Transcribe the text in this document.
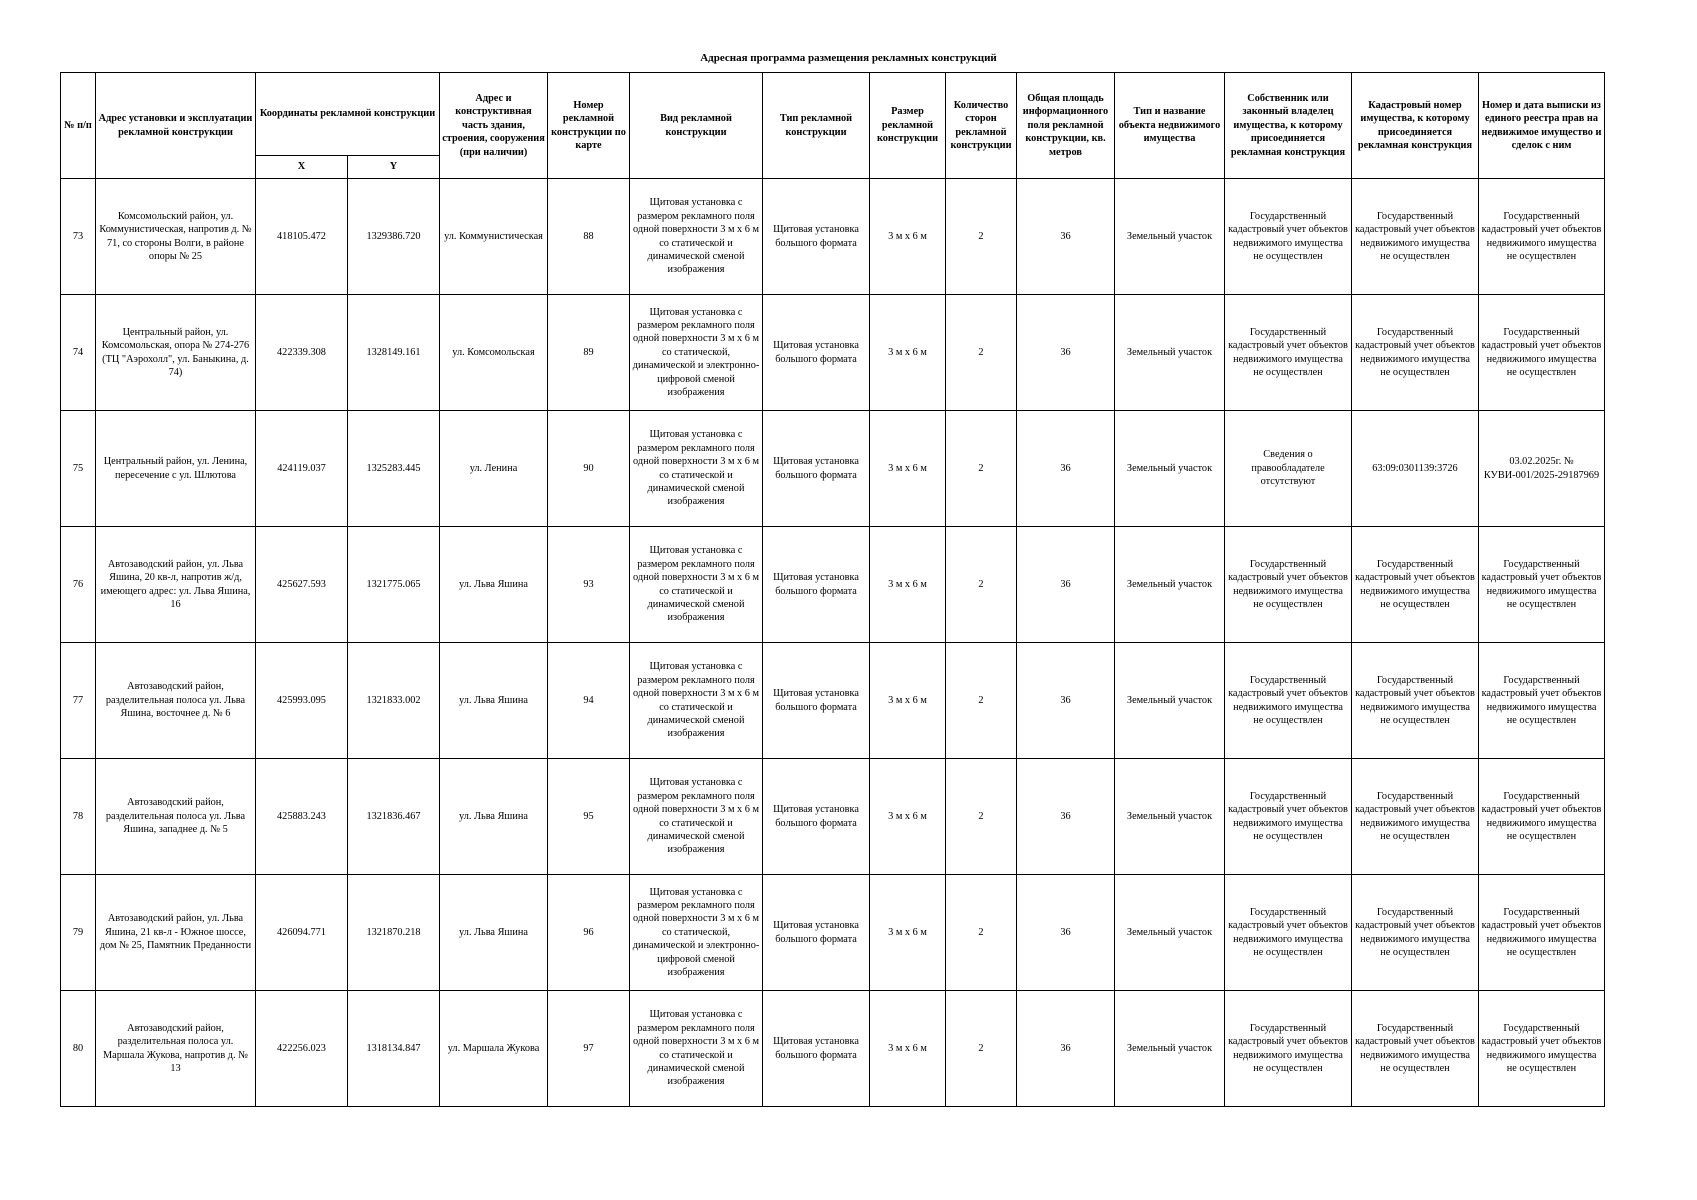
Адресная программа размещения рекламных конструкций
№ п/п	Адрес установки и эксплуатации рекламной конструкции	Координаты рекламной конструкции		Адрес и конструктивная часть здания, строения, сооружения (при наличии)	Номер рекламной конструкции по карте	Вид рекламной конструкции	Тип рекламной конструкции	Размер рекламной конструкции	Количество сторон рекламной конструкции	Общая площадь информационного поля рекламной конструкции, кв. метров	Тип и название объекта недвижимого имущества	Собственник или законный владелец имущества, к которому присоединяется рекламная конструкция	Кадастровый номер имущества, к которому присоединяется рекламная конструкция	Номер и дата выписки из единого реестра прав на недвижимое имущество и сделок с ним
		X	Y											
73	Комсомольский район, ул. Коммунистическая, напротив д. № 71, со стороны Волги, в районе опоры № 25	418105.472	1329386.720	ул. Коммунистическая	88	Щитовая установка с размером рекламного поля одной поверхности 3 м х 6 м со статической и динамической сменой изображения	Щитовая установка большого формата	3 м х 6 м	2	36	Земельный участок	Государственный кадастровый учет объектов недвижимого имущества не осуществлен	Государственный кадастровый учет объектов недвижимого имущества не осуществлен	Государственный кадастровый учет объектов недвижимого имущества не осуществлен
74	Центральный район, ул. Комсомольская, опора № 274-276 (ТЦ "Аэрохолл", ул. Баныкина, д. 74)	422339.308	1328149.161	ул. Комсомольская	89	Щитовая установка с размером рекламного поля одной поверхности 3 м х 6 м со статической, динамической и электронно-цифровой сменой изображения	Щитовая установка большого формата	3 м х 6 м	2	36	Земельный участок	Государственный кадастровый учет объектов недвижимого имущества не осуществлен	Государственный кадастровый учет объектов недвижимого имущества не осуществлен	Государственный кадастровый учет объектов недвижимого имущества не осуществлен
75	Центральный район, ул. Ленина, пересечение с ул. Шлютова	424119.037	1325283.445	ул. Ленина	90	Щитовая установка с размером рекламного поля одной поверхности 3 м х 6 м со статической и динамической сменой изображения	Щитовая установка большого формата	3 м х 6 м	2	36	Земельный участок	Сведения о правообладателе отсутствуют	63:09:0301139:3726	03.02.2025г. № КУВИ-001/2025-29187969
76	Автозаводский район, ул. Льва Яшина, 20 кв-л, напротив ж/д, имеющего адрес: ул. Льва Яшина, 16	425627.593	1321775.065	ул. Льва Яшина	93	Щитовая установка с размером рекламного поля одной поверхности 3 м х 6 м со статической и динамической сменой изображения	Щитовая установка большого формата	3 м х 6 м	2	36	Земельный участок	Государственный кадастровый учет объектов недвижимого имущества не осуществлен	Государственный кадастровый учет объектов недвижимого имущества не осуществлен	Государственный кадастровый учет объектов недвижимого имущества не осуществлен
77	Автозаводский район, разделительная полоса ул. Льва Яшина, восточнее д. № 6	425993.095	1321833.002	ул. Льва Яшина	94	Щитовая установка с размером рекламного поля одной поверхности 3 м х 6 м со статической и динамической сменой изображения	Щитовая установка большого формата	3 м х 6 м	2	36	Земельный участок	Государственный кадастровый учет объектов недвижимого имущества не осуществлен	Государственный кадастровый учет объектов недвижимого имущества не осуществлен	Государственный кадастровый учет объектов недвижимого имущества не осуществлен
78	Автозаводский район, разделительная полоса ул. Льва Яшина, западнее д. № 5	425883.243	1321836.467	ул. Льва Яшина	95	Щитовая установка с размером рекламного поля одной поверхности 3 м х 6 м со статической и динамической сменой изображения	Щитовая установка большого формата	3 м х 6 м	2	36	Земельный участок	Государственный кадастровый учет объектов недвижимого имущества не осуществлен	Государственный кадастровый учет объектов недвижимого имущества не осуществлен	Государственный кадастровый учет объектов недвижимого имущества не осуществлен
79	Автозаводский район, ул. Льва Яшина, 21 кв-л - Южное шоссе, дом № 25, Памятник Преданности	426094.771	1321870.218	ул. Льва Яшина	96	Щитовая установка с размером рекламного поля одной поверхности 3 м х 6 м со статической, динамической и электронно-цифровой сменой изображения	Щитовая установка большого формата	3 м х 6 м	2	36	Земельный участок	Государственный кадастровый учет объектов недвижимого имущества не осуществлен	Государственный кадастровый учет объектов недвижимого имущества не осуществлен	Государственный кадастровый учет объектов недвижимого имущества не осуществлен
80	Автозаводский район, разделительная полоса ул. Маршала Жукова, напротив д. № 13	422256.023	1318134.847	ул. Маршала Жукова	97	Щитовая установка с размером рекламного поля одной поверхности 3 м х 6 м со статической и динамической сменой изображения	Щитовая установка большого формата	3 м х 6 м	2	36	Земельный участок	Государственный кадастровый учет объектов недвижимого имущества не осуществлен	Государственный кадастровый учет объектов недвижимого имущества не осуществлен	Государственный кадастровый учет объектов недвижимого имущества не осуществлен
